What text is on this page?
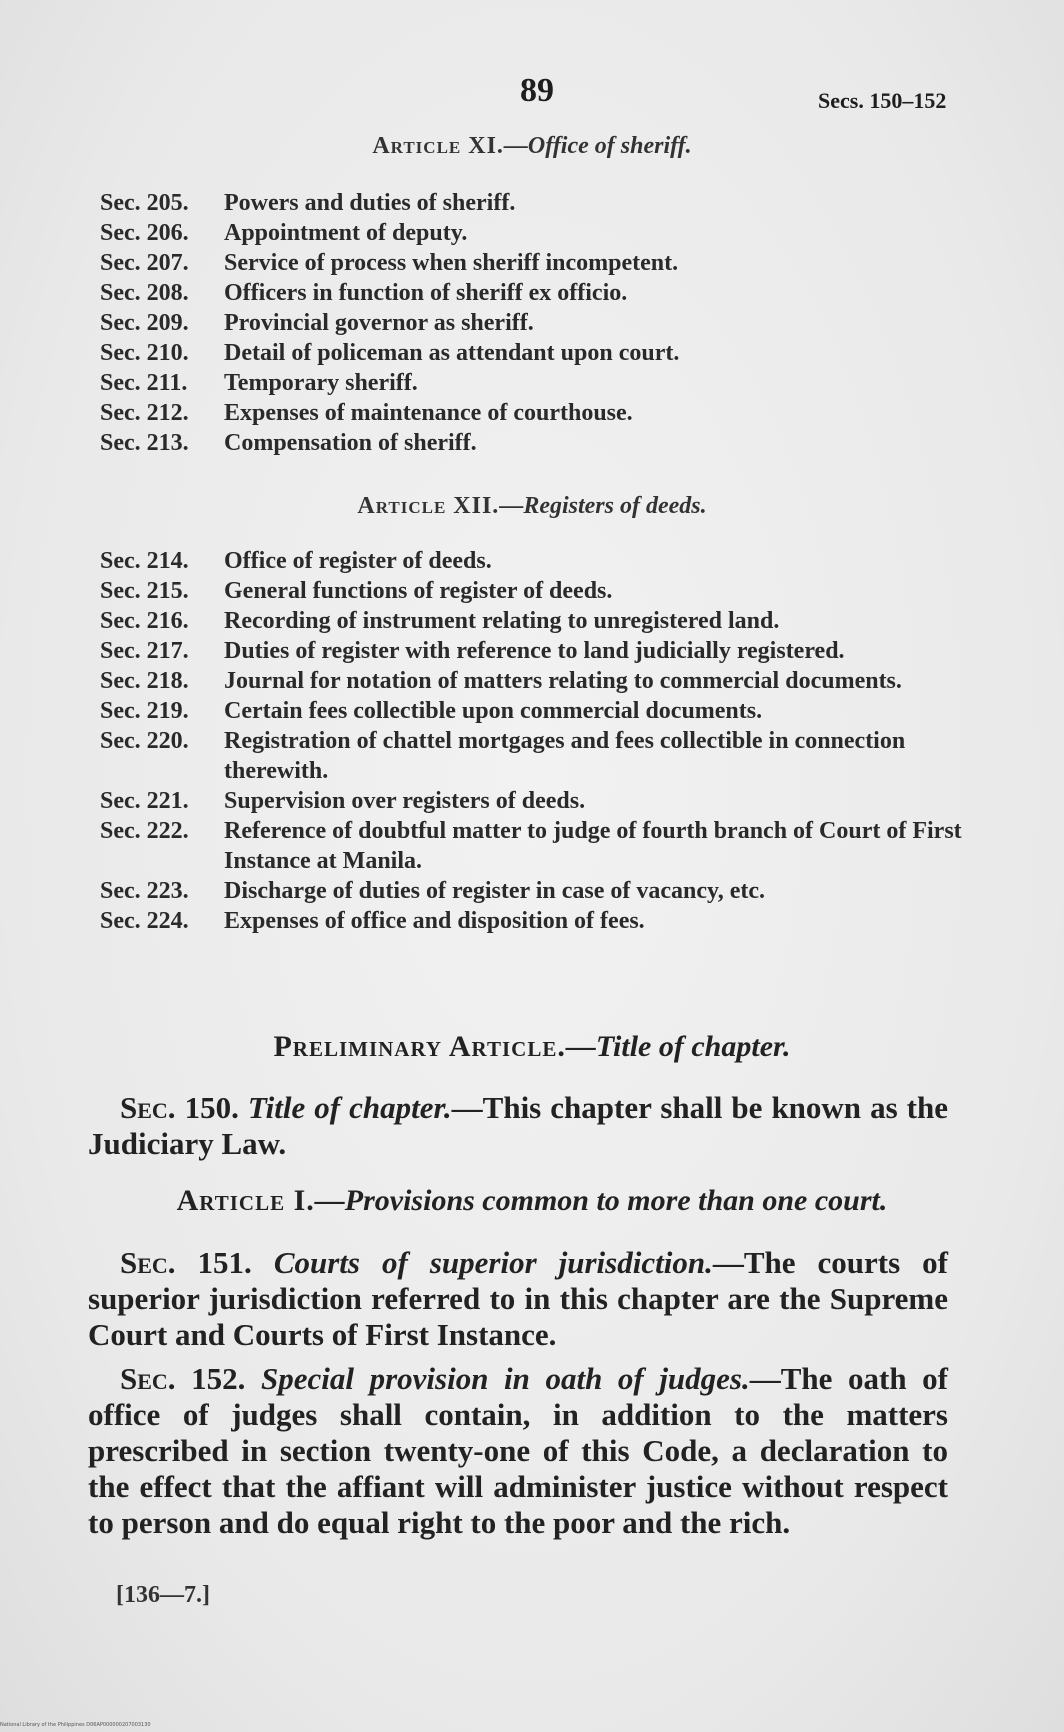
89	Secs. 150–152
Article XI.—Office of sheriff.
Sec. 205.	Powers and duties of sheriff.
Sec. 206.	Appointment of deputy.
Sec. 207.	Service of process when sheriff incompetent.
Sec. 208.	Officers in function of sheriff ex officio.
Sec. 209.	Provincial governor as sheriff.
Sec. 210.	Detail of policeman as attendant upon court.
Sec. 211.	Temporary sheriff.
Sec. 212.	Expenses of maintenance of courthouse.
Sec. 213.	Compensation of sheriff.
Article XII.—Registers of deeds.
Sec. 214.	Office of register of deeds.
Sec. 215.	General functions of register of deeds.
Sec. 216.	Recording of instrument relating to unregistered land.
Sec. 217.	Duties of register with reference to land judicially registered.
Sec. 218.	Journal for notation of matters relating to commercial documents.
Sec. 219.	Certain fees collectible upon commercial documents.
Sec. 220.	Registration of chattel mortgages and fees collectible in connection therewith.
Sec. 221.	Supervision over registers of deeds.
Sec. 222.	Reference of doubtful matter to judge of fourth branch of Court of First Instance at Manila.
Sec. 223.	Discharge of duties of register in case of vacancy, etc.
Sec. 224.	Expenses of office and disposition of fees.
Preliminary Article.—Title of chapter.

Sec. 150. Title of chapter.—This chapter shall be known as the Judiciary Law.

Article I.—Provisions common to more than one court.

Sec. 151. Courts of superior jurisdiction.—The courts of superior jurisdiction referred to in this chapter are the Supreme Court and Courts of First Instance.

Sec. 152. Special provision in oath of judges.—The oath of office of judges shall contain, in addition to the matters prescribed in section twenty-one of this Code, a declaration to the effect that the affiant will administer justice without respect to person and do equal right to the poor and the rich.

[136—7.]
National Library of the Philippines D06AP000000207003130
